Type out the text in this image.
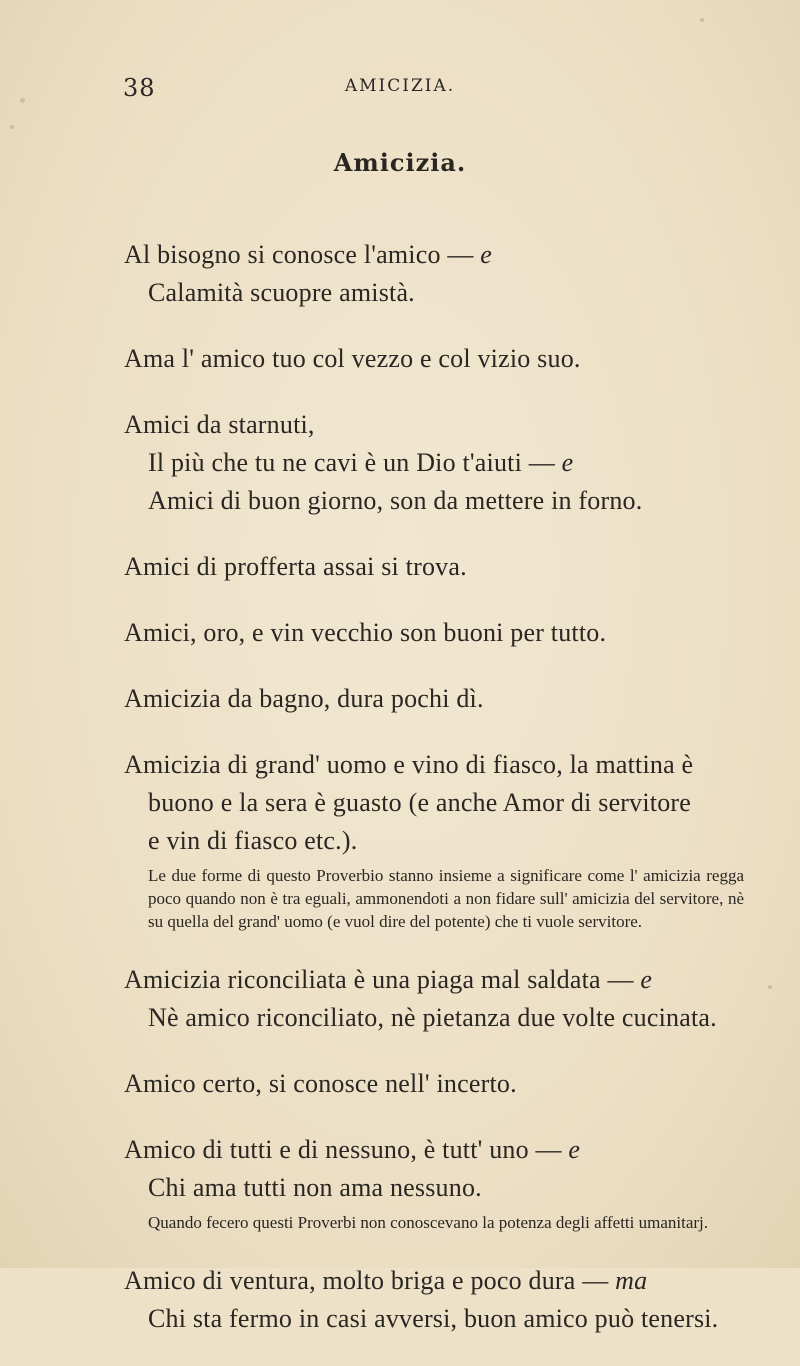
38	AMICIZIA.
Amicizia.
Al bisogno si conosce l'amico — e
Calamità scuopre amistà.
Ama l' amico tuo col vezzo e col vizio suo.
Amici da starnuti,
Il più che tu ne cavi è un Dio t'aiuti — e
Amici di buon giorno, son da mettere in forno.
Amici di profferta assai si trova.
Amici, oro, e vin vecchio son buoni per tutto.
Amicizia da bagno, dura pochi dì.
Amicizia di grand' uomo e vino di fiasco, la mattina è
buono e la sera è guasto (e anche Amor di servitore
e vin di fiasco etc.).
Le due forme di questo Proverbio stanno insieme a significare come l' amicizia regga poco quando non è tra eguali, ammonendoti a non fidare sull' amicizia del servitore, nè su quella del grand' uomo (e vuol dire del potente) che ti vuole servitore.
Amicizia riconciliata è una piaga mal saldata — e
Nè amico riconciliato, nè pietanza due volte cucinata.
Amico certo, si conosce nell' incerto.
Amico di tutti e di nessuno, è tutt' uno — e
Chi ama tutti non ama nessuno.
Quando fecero questi Proverbi non conoscevano la potenza degli affetti umanitarj.
Amico di ventura, molto briga e poco dura — ma
Chi sta fermo in casi avversi, buon amico può tenersi.
